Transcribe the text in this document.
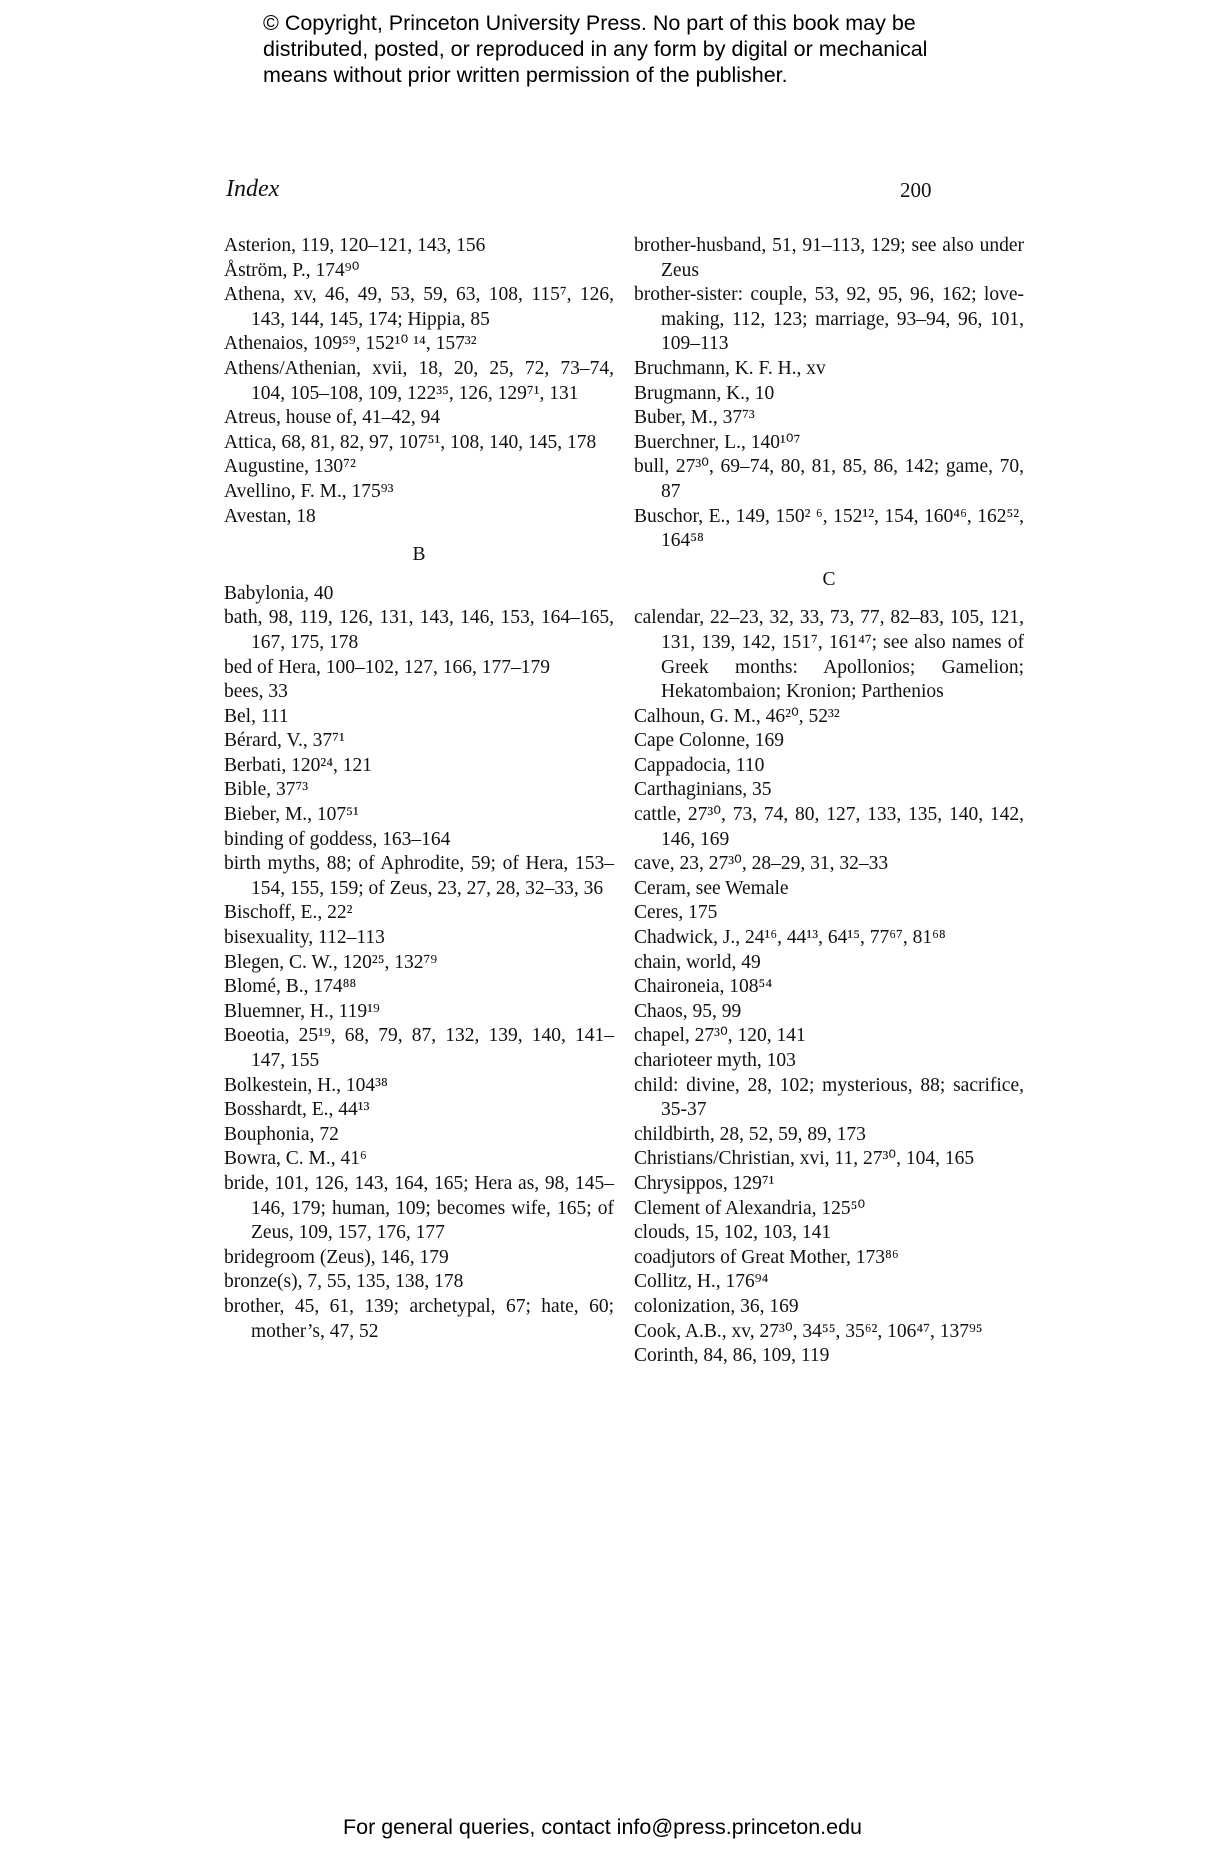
© Copyright, Princeton University Press. No part of this book may be
distributed, posted, or reproduced in any form by digital or mechanical
means without prior written permission of the publisher.
Index	200
Asterion, 119, 120–121, 143, 156
Åström, P., 174⁹⁰
Athena, xv, 46, 49, 53, 59, 63, 108, 115⁷, 126, 143, 144, 145, 174; Hippia, 85
Athenaios, 109⁵⁹, 152¹⁰ ¹⁴, 157³²
Athens/Athenian, xvii, 18, 20, 25, 72, 73–74, 104, 105–108, 109, 122³⁵, 126, 129⁷¹, 131
Atreus, house of, 41–42, 94
Attica, 68, 81, 82, 97, 107⁵¹, 108, 140, 145, 178
Augustine, 130⁷²
Avellino, F. M., 175⁹³
Avestan, 18
B
Babylonia, 40
bath, 98, 119, 126, 131, 143, 146, 153, 164–165, 167, 175, 178
bed of Hera, 100–102, 127, 166, 177–179
bees, 33
Bel, 111
Bérard, V., 37⁷¹
Berbati, 120²⁴, 121
Bible, 37⁷³
Bieber, M., 107⁵¹
binding of goddess, 163–164
birth myths, 88; of Aphrodite, 59; of Hera, 153–154, 155, 159; of Zeus, 23, 27, 28, 32–33, 36
Bischoff, E., 22²
bisexuality, 112–113
Blegen, C. W., 120²⁵, 132⁷⁹
Blomé, B., 174⁸⁸
Bluemner, H., 119¹⁹
Boeotia, 25¹⁹, 68, 79, 87, 132, 139, 140, 141–147, 155
Bolkestein, H., 104³⁸
Bosshardt, E., 44¹³
Bouphonia, 72
Bowra, C. M., 41⁶
bride, 101, 126, 143, 164, 165; Hera as, 98, 145–146, 179; human, 109; becomes wife, 165; of Zeus, 109, 157, 176, 177
bridegroom (Zeus), 146, 179
bronze(s), 7, 55, 135, 138, 178
brother, 45, 61, 139; archetypal, 67; hate, 60; mother’s, 47, 52
brother-husband, 51, 91–113, 129; see also under Zeus
brother-sister: couple, 53, 92, 95, 96, 162; love-making, 112, 123; marriage, 93–94, 96, 101, 109–113
Bruchmann, K. F. H., xv
Brugmann, K., 10
Buber, M., 37⁷³
Buerchner, L., 140¹⁰⁷
bull, 27³⁰, 69–74, 80, 81, 85, 86, 142; game, 70, 87
Buschor, E., 149, 150² ⁶, 152¹², 154, 160⁴⁶, 162⁵², 164⁵⁸
C
calendar, 22–23, 32, 33, 73, 77, 82–83, 105, 121, 131, 139, 142, 151⁷, 161⁴⁷; see also names of Greek months: Apollonios; Gamelion; Hekatombaion; Kronion; Parthenios
Calhoun, G. M., 46²⁰, 52³²
Cape Colonne, 169
Cappadocia, 110
Carthaginians, 35
cattle, 27³⁰, 73, 74, 80, 127, 133, 135, 140, 142, 146, 169
cave, 23, 27³⁰, 28–29, 31, 32–33
Ceram, see Wemale
Ceres, 175
Chadwick, J., 24¹⁶, 44¹³, 64¹⁵, 77⁶⁷, 81⁶⁸
chain, world, 49
Chaironeia, 108⁵⁴
Chaos, 95, 99
chapel, 27³⁰, 120, 141
charioteer myth, 103
child: divine, 28, 102; mysterious, 88; sacrifice, 35-37
childbirth, 28, 52, 59, 89, 173
Christians/Christian, xvi, 11, 27³⁰, 104, 165
Chrysippos, 129⁷¹
Clement of Alexandria, 125⁵⁰
clouds, 15, 102, 103, 141
coadjutors of Great Mother, 173⁸⁶
Collitz, H., 176⁹⁴
colonization, 36, 169
Cook, A.B., xv, 27³⁰, 34⁵⁵, 35⁶², 106⁴⁷, 137⁹⁵
Corinth, 84, 86, 109, 119
For general queries, contact info@press.princeton.edu
